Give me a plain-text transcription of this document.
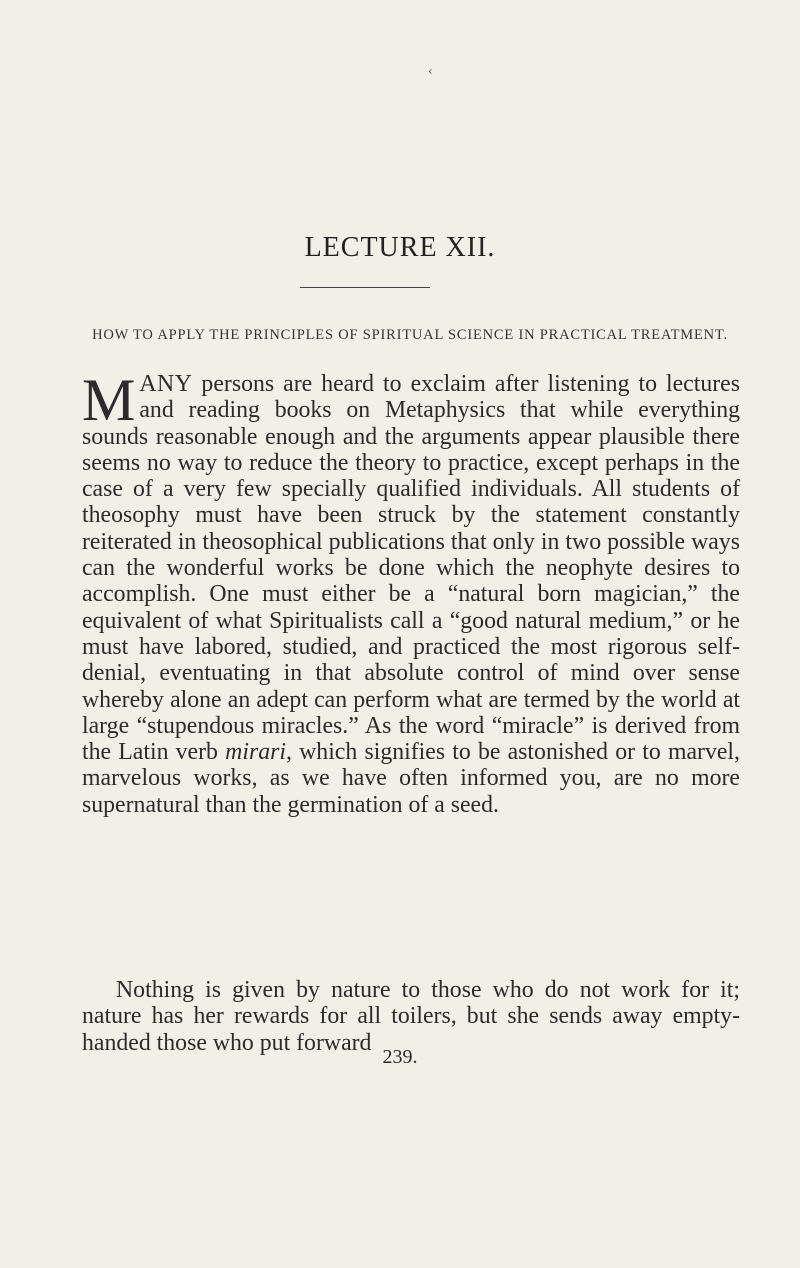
‹
LECTURE XII.
HOW TO APPLY THE PRINCIPLES OF SPIRITUAL SCIENCE IN PRACTICAL TREATMENT.
MANY persons are heard to exclaim after listening to lectures and reading books on Metaphysics that while everything sounds reasonable enough and the arguments appear plausible there seems no way to reduce the theory to practice, except perhaps in the case of a very few specially qualified individuals. All students of theosophy must have been struck by the statement constantly reiterated in theosophical publications that only in two possible ways can the wonderful works be done which the neophyte desires to accomplish. One must either be a “natural born magician,” the equivalent of what Spiritualists call a “good natural medium,” or he must have labored, studied, and practiced the most rigorous self-denial, eventuating in that absolute control of mind over sense whereby alone an adept can perform what are termed by the world at large “stupendous miracles.” As the word “miracle” is derived from the Latin verb mirari, which signifies to be astonished or to marvel, marvelous works, as we have often informed you, are no more supernatural than the germination of a seed.
Nothing is given by nature to those who do not work for it; nature has her rewards for all toilers, but she sends away empty-handed those who put forward
239.
